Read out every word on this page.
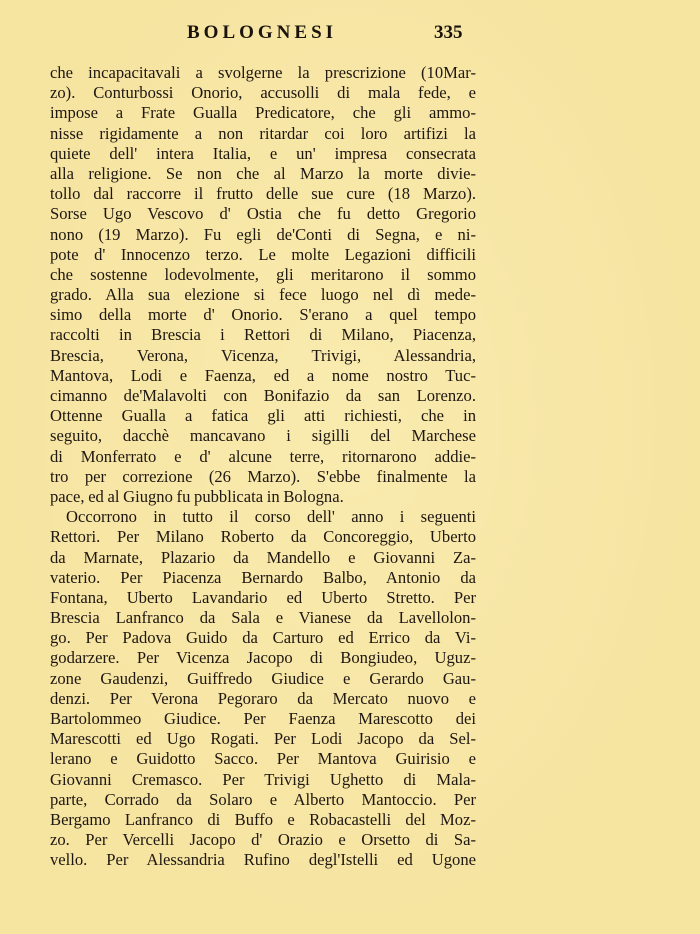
BOLOGNESI	335
che incapacitavali a svolgerne la prescrizione (10Mar-
zo). Conturbossi Onorio, accusolli di mala fede, e
impose a Frate Gualla Predicatore, che gli ammo-
nisse rigidamente a non ritardar coi loro artifizi la
quiete dell' intera Italia, e un' impresa consecrata
alla religione. Se non che al Marzo la morte divie-
tollo dal raccorre il frutto delle sue cure (18 Marzo).
Sorse Ugo Vescovo d' Ostia che fu detto Gregorio
nono (19 Marzo). Fu egli de'Conti di Segna, e ni-
pote d' Innocenzo terzo. Le molte Legazioni difficili
che sostenne lodevolmente, gli meritarono il sommo
grado. Alla sua elezione si fece luogo nel dì mede-
simo della morte d' Onorio. S'erano a quel tempo
raccolti in Brescia i Rettori di Milano, Piacenza,
Brescia, Verona, Vicenza, Trivigi, Alessandria,
Mantova, Lodi e Faenza, ed a nome nostro Tuc-
cimanno de'Malavolti con Bonifazio da san Lorenzo.
Ottenne Gualla a fatica gli atti richiesti, che in
seguito, dacchè mancavano i sigilli del Marchese
di Monferrato e d' alcune terre, ritornarono addie-
tro per correzione (26 Marzo). S'ebbe finalmente la
pace, ed al Giugno fu pubblicata in Bologna.
Occorrono in tutto il corso dell' anno i seguenti
Rettori. Per Milano Roberto da Concoreggio, Uberto
da Marnate, Plazario da Mandello e Giovanni Za-
vaterio. Per Piacenza Bernardo Balbo, Antonio da
Fontana, Uberto Lavandario ed Uberto Stretto. Per
Brescia Lanfranco da Sala e Vianese da Lavellolon-
go. Per Padova Guido da Carturo ed Errico da Vi-
godarzere. Per Vicenza Jacopo di Bongiudeo, Uguz-
zone Gaudenzi, Guiffredo Giudice e Gerardo Gau-
denzi. Per Verona Pegoraro da Mercato nuovo e
Bartolommeo Giudice. Per Faenza Marescotto dei
Marescotti ed Ugo Rogati. Per Lodi Jacopo da Sel-
lerano e Guidotto Sacco. Per Mantova Guirisio e
Giovanni Cremasco. Per Trivigi Ughetto di Mala-
parte, Corrado da Solaro e Alberto Mantoccio. Per
Bergamo Lanfranco di Buffo e Robacastelli del Moz-
zo. Per Vercelli Jacopo d' Orazio e Orsetto di Sa-
vello. Per Alessandria Rufino degl'Istelli ed Ugone
